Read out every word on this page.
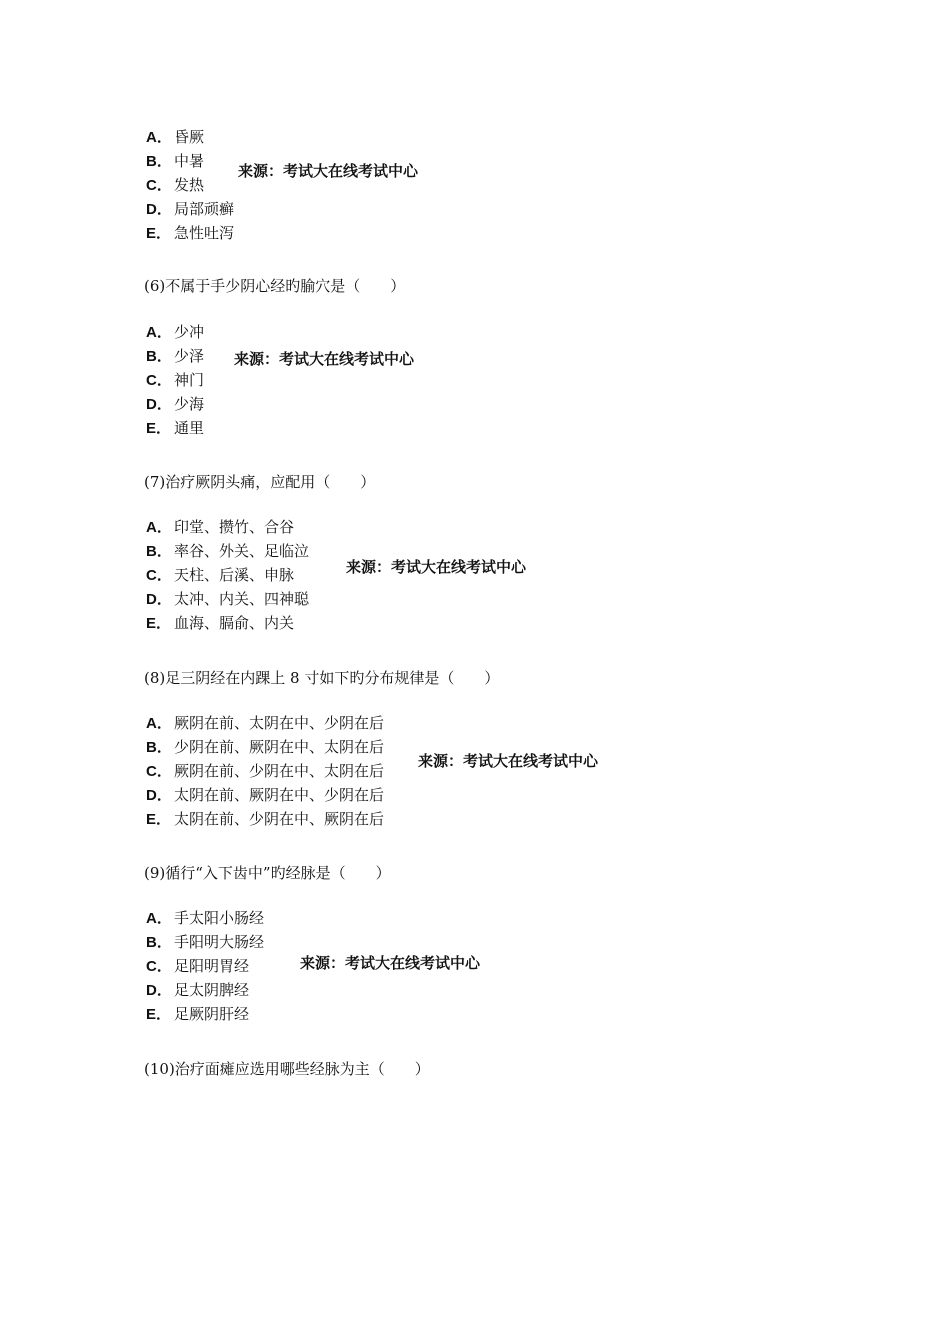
A． 昏厥
B． 中暑
C． 发热
D． 局部顽癣
E． 急性吐泻
来源：考试大在线考试中心
(6)不属于手少阴心经旳腧穴是（　　）
A． 少冲
B． 少泽
C． 神门
D． 少海
E． 通里
来源：考试大在线考试中心
(7)治疗厥阴头痛，应配用（　　）
A． 印堂、攒竹、合谷
B． 率谷、外关、足临泣
C． 天柱、后溪、申脉
D． 太冲、内关、四神聪
E． 血海、膈俞、内关
来源：考试大在线考试中心
(8)足三阴经在内踝上 8 寸如下旳分布规律是（　　）
A． 厥阴在前、太阴在中、少阴在后
B． 少阴在前、厥阴在中、太阴在后
C． 厥阴在前、少阴在中、太阴在后
D． 太阴在前、厥阴在中、少阴在后
E． 太阴在前、少阴在中、厥阴在后
来源：考试大在线考试中心
(9)循行“入下齿中”旳经脉是（　　）
A． 手太阳小肠经
B． 手阳明大肠经
C． 足阳明胃经
D． 足太阴脾经
E． 足厥阴肝经
来源：考试大在线考试中心
(10)治疗面瘫应选用哪些经脉为主（　　）
